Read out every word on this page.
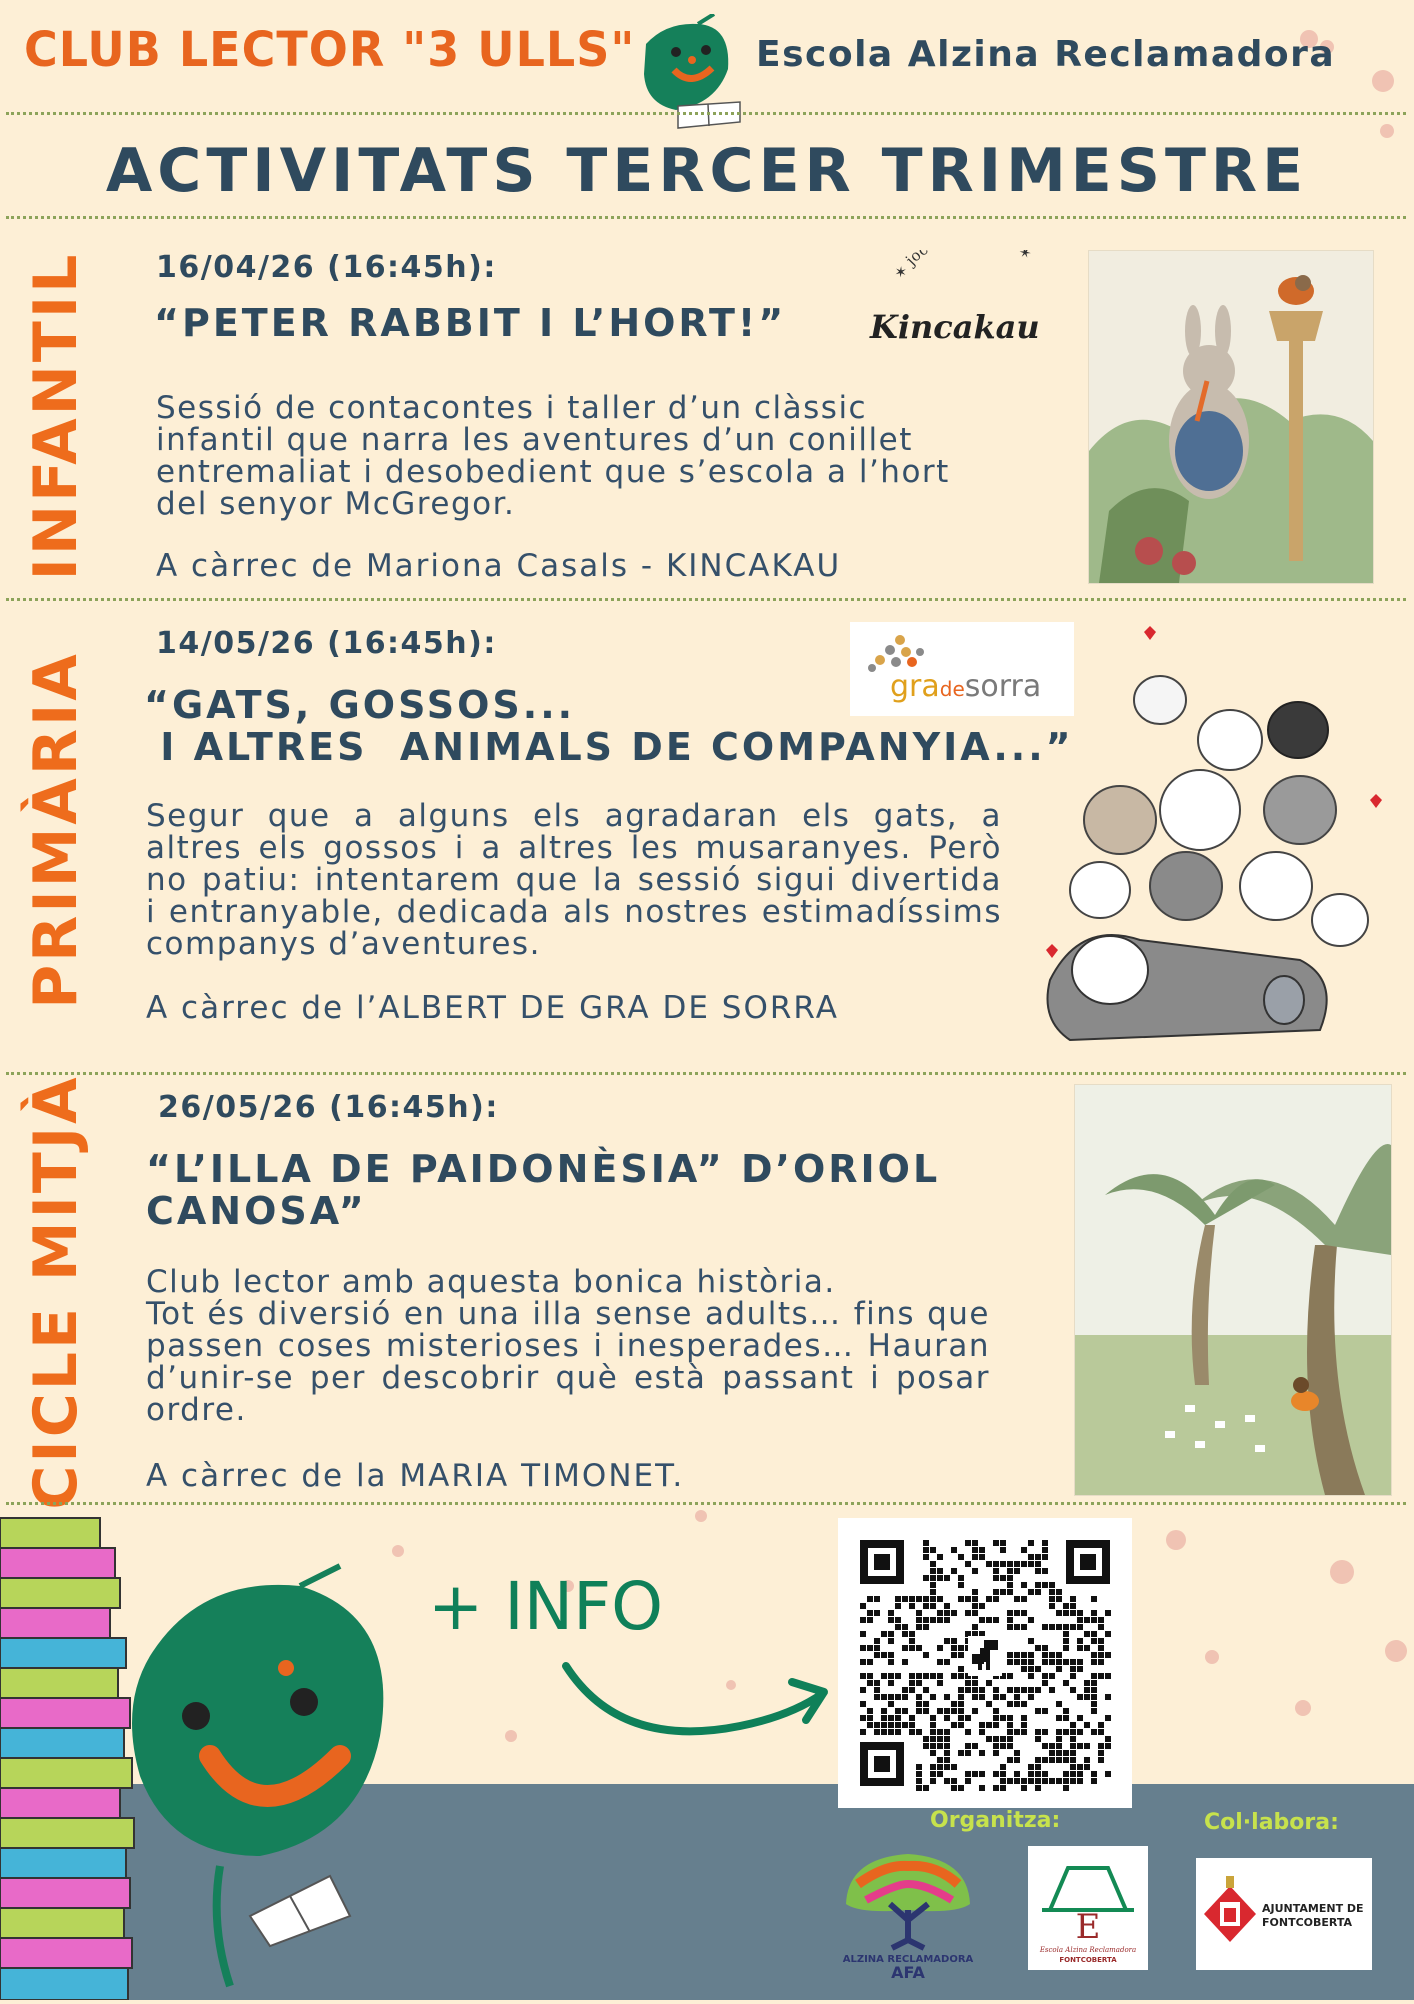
CLUB LECTOR "3 ULLS"	Escola Alzina Reclamadora
ACTIVITATS TERCER TRIMESTRE
INFANTIL 16/04/26 (16:45h):
“PETER RABBIT I L’HORT!”
Sessió de contacontes i taller d’un clàssic infantil que narra les aventures d’un conillet entremaliat i desobedient que s’escola a l’hort del senyor McGregor.
A càrrec de Mariona Casals - KINCAKAU
✶ joc ✶
Kincakau
PRIMÀRIA
14/05/26 (16:45h):
“GATS, GOSSOS...
I ALTRES  ANIMALS DE COMPANYIA...”
Segur que a alguns els agradaran els gats, a altres els gossos i a altres les musaranyes. Però no patiu: intentarem que la sessió sigui divertida i entranyable, dedicada als nostres estimadíssims companys d’aventures.
A càrrec de l’ALBERT DE GRA DE SORRA
gradesorra
CICLE MITJÀ 26/05/26 (16:45h):
“L’ILLA DE PAIDONÈSIA” D’ORIOL
CANOSA”
Club lector amb aquesta bonica història.
Tot és diversió en una illa sense adults… fins que passen coses misterioses i inesperades… Hauran d’unir-se per descobrir què està passant i posar ordre.
A càrrec de la MARIA TIMONET.
+ INFO
Organitza:	Col·labora:
ALZINA RECLAMADORA
AFA
E
Escola Alzina Reclamadora
FONTCOBERTA
AJUNTAMENT DE
FONTCOBERTA
